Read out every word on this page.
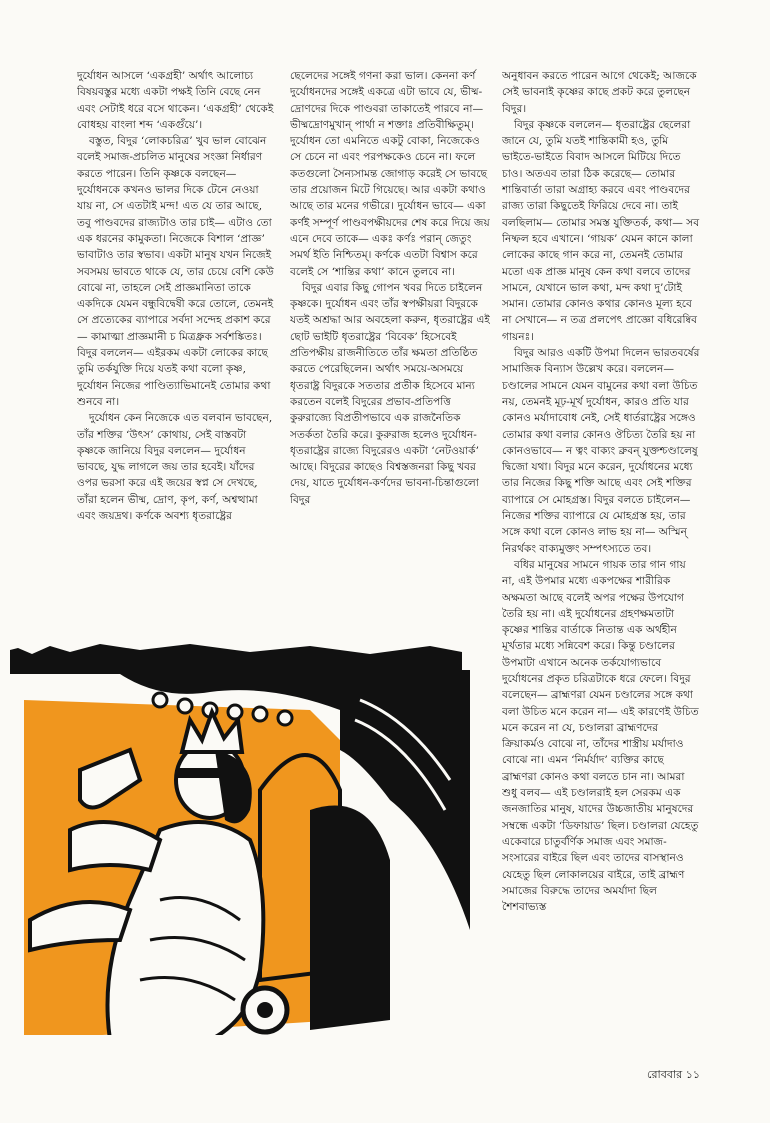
দুর্যোধন আসলে ‘একগ্রহী’ অর্থাৎ আলোচ্য বিষয়বস্তুর মধ্যে একটা পক্ষই তিনি বেছে নেন এবং সেটাই ধরে বসে থাকেন। ‘একগ্রহী’ থেকেই বোধহয় বাংলা শব্দ ‘একগুঁয়ে’।

বস্তুত, বিদুর ‘লোকচরিত্র’ খুব ভাল বোঝেন বলেই সমাজ-প্রচলিত মানুষের সংজ্ঞা নির্ধারণ করতে পারেন। তিনি কৃষ্ণকে বলছেন— দুর্যোধনকে কখনও ভালর দিকে টেনে নেওয়া যায় না, সে এতটাই মন্দ! এত যে তার আছে, তবু পাণ্ডবদের রাজ্যটাও তার চাই— এটাও তো এক ধরনের কামুকতা। নিজেকে বিশাল ‘প্রাজ্ঞ’ ভাবাটাও তার স্বভাব। একটা মানুষ যখন নিজেই সবসময় ভাবতে থাকে যে, তার চেয়ে বেশি কেউ বোঝে না, তাহলে সেই প্রাজ্ঞমানিতা তাকে একদিকে যেমন বন্ধুবিদ্বেষী করে তোলে, তেমনই সে প্রত্যেকের ব্যাপারে সর্বদা সন্দেহ প্রকাশ করে— কামাত্মা প্রাজ্ঞমানী চ মিত্রধ্রুক সর্বশঙ্কিতঃ। বিদুর বললেন— এইরকম একটা লোকের কাছে তুমি তর্কযুক্তি দিয়ে যতই কথা বলো কৃষ্ণ, দুর্যোধন নিজের পাণ্ডিত্যাভিমানেই তোমার কথা শুনবে না।

দুর্যোধন কেন নিজেকে এত বলবান ভাবছেন, তাঁর শক্তির ‘উৎস’ কোথায়, সেই বাস্তবটা কৃষ্ণকে জানিয়ে বিদুর বললেন— দুর্যোধন ভাবছে, যুদ্ধ লাগলে জয় তার হবেই। যাঁদের ওপর ভরসা করে এই জয়ের স্বপ্ন সে দেখছে, তাঁরা হলেন ভীষ্ম, দ্রোণ, কৃপ, কর্ণ, অশ্বত্থামা এবং জয়দ্রথ। কর্ণকে অবশ্য ধৃতরাষ্ট্রের

ছেলেদের সঙ্গেই গণনা করা ভাল। কেননা কর্ণ দুর্যোধনদের সঙ্গেই একত্রে এটা ভাবে যে, ভীষ্ম-দ্রোণদের দিকে পাণ্ডবরা তাকাতেই পারবে না— ভীষ্মদ্রোণমুখান্ পার্থা ন শক্তাঃ প্রতিবীক্ষিতুম্। দুর্যোধন তো এমনিতে একটু বোকা, নিজেকেও সে চেনে না এবং পরপক্ষকেও চেনে না। ফলে কতগুলো সৈন্যসামন্ত জোগাড় করেই সে ভাবছে তার প্রয়োজন মিটে গিয়েছে। আর একটা কথাও আছে তার মনের গভীরে। দুর্যোধন ভাবে— একা কর্ণই সম্পূর্ণ পাণ্ডবপক্ষীয়দের শেষ করে দিয়ে জয় এনে দেবে তাকে— একঃ কর্ণঃ পরান্ জেতুং সমর্থ ইতি নিশ্চিতম্। কর্ণকে এতটা বিশ্বাস করে বলেই সে ‘শান্তির কথা’ কানে তুলবে না।

বিদুর এবার কিছু গোপন খবর দিতে চাইলেন কৃষ্ণকে। দুর্যোধন এবং তাঁর স্বপক্ষীয়রা বিদুরকে যতই অশ্রদ্ধা আর অবহেলা করুন, ধৃতরাষ্ট্রের এই ছোট ভাইটি ধৃতরাষ্ট্রের ‘বিবেক’ হিসেবেই প্রতিপক্ষীয় রাজনীতিতে তাঁর ক্ষমতা প্রতিষ্ঠিত করতে পেরেছিলেন। অর্থাৎ সময়ে-অসময়ে ধৃতরাষ্ট্র বিদুরকে সততার প্রতীক হিসেবে মান্য করতেন বলেই বিদুরের প্রভাব-প্রতিপত্তি কুরুরাজ্যে বিপ্রতীপভাবে এক রাজনৈতিক সতর্কতা তৈরি করে। কুরুরাজ হলেও দুর্যোধন-ধৃতরাষ্ট্রের রাজ্যে বিদুরেরও একটা ‘নেটওয়ার্ক’ আছে। বিদুরের কাছেও বিশ্বস্তজনরা কিছু খবর দেয়, যাতে দুর্যোধন-কর্ণদের ভাবনা-চিন্তাগুলো বিদুর

অনুধাবন করতে পারেন আগে থেকেই; আজকে সেই ভাবনাই কৃষ্ণের কাছে প্রকট করে তুলছেন বিদুর।

বিদুর কৃষ্ণকে বললেন— ধৃতরাষ্ট্রের ছেলেরা জানে যে, তুমি যতই শান্তিকামী হও, তুমি ভাইতে-ভাইতে বিবাদ আসলে মিটিয়ে দিতে চাও। অতএব তারা ঠিক করেছে— তোমার শান্তিবার্তা তারা অগ্রাহ্য করবে এবং পাণ্ডবদের রাজ্য তারা কিছুতেই ফিরিয়ে দেবে না। তাই বলছিলাম— তোমার সমস্ত যুক্তিতর্ক, কথা— সব নিষ্ফল হবে এখানে। ‘গায়ক’ যেমন কানে কালা লোকের কাছে গান করে না, তেমনই তোমার মতো এক প্রাজ্ঞ মানুষ কেন কথা বলবে তাদের সামনে, যেখানে ভাল কথা, মন্দ কথা দু’টোই সমান। তোমার কোনও কথার কোনও মূল্য হবে না সেখানে— ন তত্র প্রলপেৎ প্রাজ্ঞো বধিরেষ্বিব গায়নঃ।

বিদুর আরও একটি উপমা দিলেন ভারতবর্ষের সামাজিক বিন্যাস উল্লেখ করে। বললেন— চণ্ডালের সামনে যেমন বামুনের কথা বলা উচিত নয়, তেমনই মূঢ়-মূর্খ দুর্যোধন, কারও প্রতি যার কোনও মর্যাদাবোধ নেই, সেই ধার্তরাষ্ট্রের সঙ্গেও তোমার কথা বলার কোনও ঔচিত্য তৈরি হয় না কোনওভাবে— ন ত্বং বাক্যং ব্রুবন্ যুক্তশ্চণ্ডালেষু দ্বিজো যথা। বিদুর মনে করেন, দুর্যোধনের মধ্যে তার নিজের কিছু শক্তি আছে এবং সেই শক্তির ব্যাপারে সে মোহগ্রস্ত। বিদুর বলতে চাইলেন— নিজের শক্তির ব্যাপারে যে মোহগ্রস্ত হয়, তার সঙ্গে কথা বলে কোনও লাভ হয় না— অস্মিন্ নিরর্থকং বাক্যমুক্তং সম্পৎস্যতে তব।

বধির মানুষের সামনে গায়ক তার গান গায় না, এই উপমার মধ্যে একপক্ষের শারীরিক অক্ষমতা আছে বলেই অপর পক্ষের উপযোগ তৈরি হয় না। এই দুর্যোধনের গ্রহণক্ষমতাটা কৃষ্ণের শান্তির বার্তাকে নিতান্ত এক অর্থহীন মূর্খতার মধ্যে সন্নিবেশ করে। কিন্তু চণ্ডালের উপমাটা এখানে অনেক তর্কযোগ্যভাবে দুর্যোধনের প্রকৃত চরিত্রটাকে ধরে ফেলে। বিদুর বলেছেন— ব্রাহ্মণরা যেমন চণ্ডালের সঙ্গে কথা বলা উচিত মনে করেন না— এই কারণেই উচিত মনে করেন না যে, চণ্ডালরা ব্রাহ্মণদের ক্রিয়াকর্মও বোঝে না, তাঁদের শাস্ত্রীয় মর্যাদাও বোঝে না। এমন ‘নির্মর্যাদ’ ব্যক্তির কাছে ব্রাহ্মণরা কোনও কথা বলতে চান না। আমরা শুধু বলব— এই চণ্ডালরাই হল সেরকম এক জনজাতির মানুষ, যাদের উচ্চজাতীয় মানুষদের সম্বন্ধে একটা ‘ডিফায়াড’ ছিল। চণ্ডালরা যেহেতু একেবারে চাতুর্বর্ণিক সমাজ এবং সমাজ-সংসারের বাইরে ছিল এবং তাদের বাসস্থানও যেহেতু ছিল লোকালয়ের বাইরে, তাই ব্রাহ্মণ সমাজের বিরুদ্ধে তাদের অমর্যাদা ছিল শৈশবাভ্যস্ত

রোববার ১১
